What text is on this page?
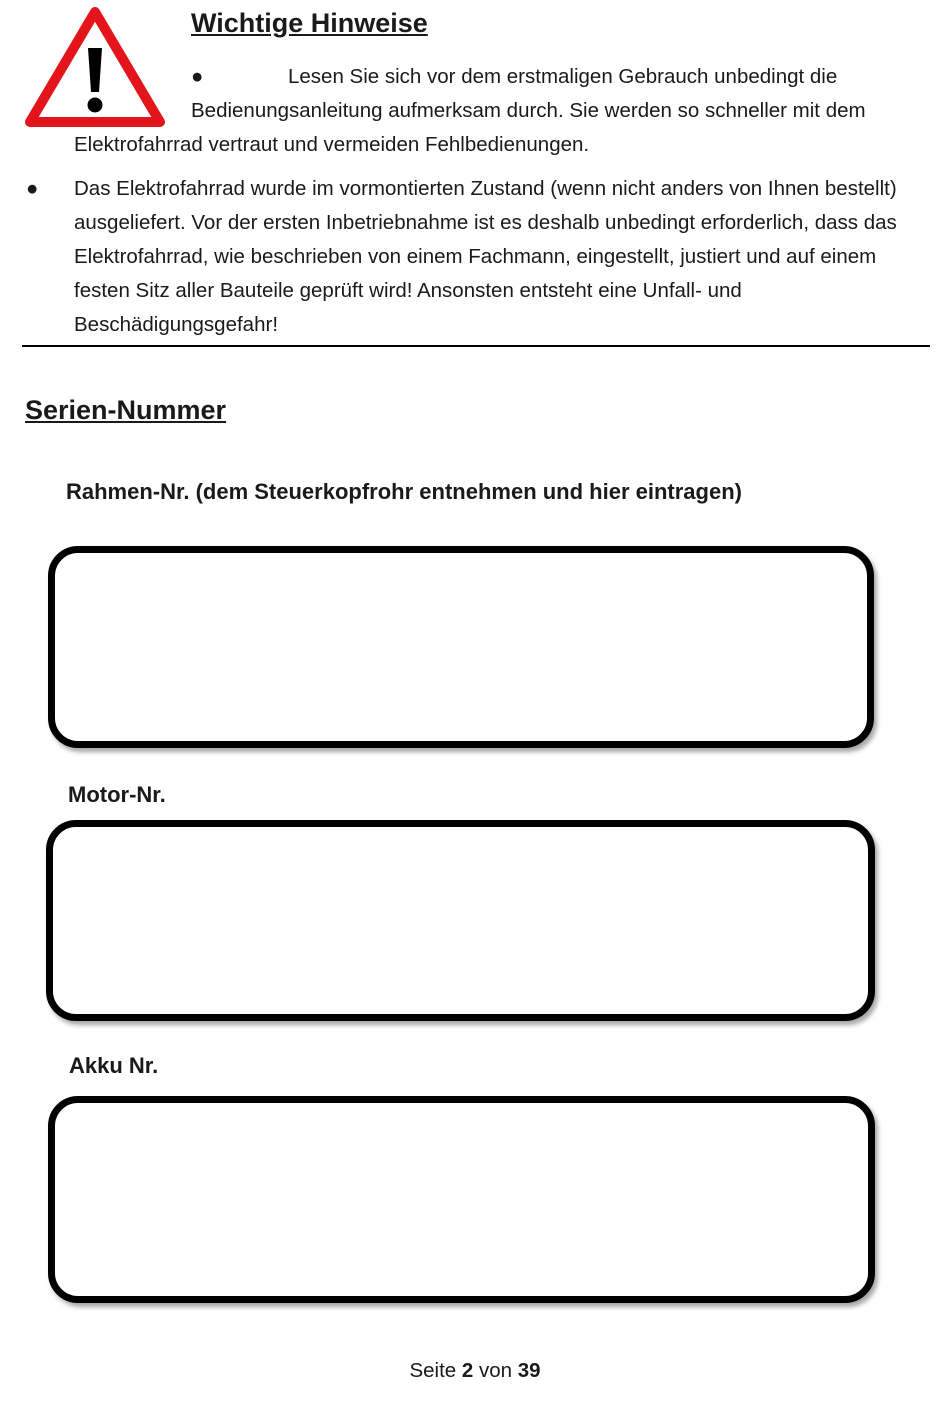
Wichtige Hinweise
●	Lesen Sie sich vor dem erstmaligen Gebrauch unbedingt die
Bedienungsanleitung aufmerksam durch. Sie werden so schneller mit dem
Elektrofahrrad vertraut und vermeiden Fehlbedienungen.
● Das Elektrofahrrad wurde im vormontierten Zustand (wenn nicht anders von Ihnen bestellt) ausgeliefert. Vor der ersten Inbetriebnahme ist es deshalb unbedingt erforderlich, dass das Elektrofahrrad, wie beschrieben von einem Fachmann, eingestellt, justiert und auf einem festen Sitz aller Bauteile geprüft wird! Ansonsten entsteht eine Unfall- und Beschädigungsgefahr!

Serien-Nummer

Rahmen-Nr. (dem Steuerkopfrohr entnehmen und hier eintragen)

Motor-Nr.

Akku Nr.

Seite 2 von 39
